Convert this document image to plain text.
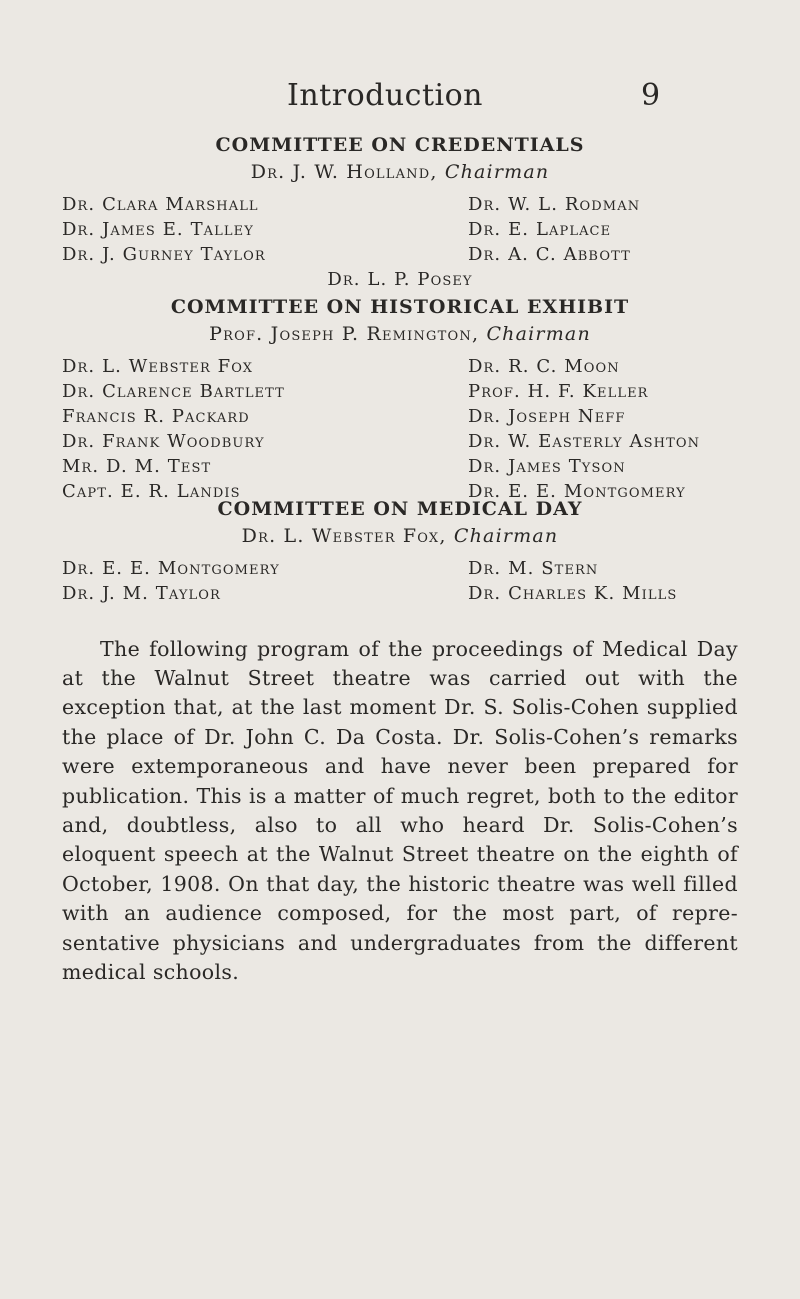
Introduction	9
COMMITTEE ON CREDENTIALS
Dr. J. W. Holland, Chairman
Dr. Clara Marshall	Dr. W. L. Rodman
Dr. James E. Talley	Dr. E. Laplace
Dr. J. Gurney Taylor	Dr. A. C. Abbott
Dr. L. P. Posey
COMMITTEE ON HISTORICAL EXHIBIT
Prof. Joseph P. Remington, Chairman
Dr. L. Webster Fox	Dr. R. C. Moon
Dr. Clarence Bartlett	Prof. H. F. Keller
Francis R. Packard	Dr. Joseph Neff
Dr. Frank Woodbury	Dr. W. Easterly Ashton
Mr. D. M. Test	Dr. James Tyson
Capt. E. R. Landis	Dr. E. E. Montgomery
COMMITTEE ON MEDICAL DAY
Dr. L. Webster Fox, Chairman
Dr. E. E. Montgomery	Dr. M. Stern
Dr. J. M. Taylor	Dr. Charles K. Mills

The following program of the proceedings of Medical Day at the Walnut Street theatre was carried out with the exception that, at the last moment Dr. S. Solis-Cohen supplied the place of Dr. John C. Da Costa. Dr. Solis-Cohen’s remarks were extemporaneous and have never been prepared for publication. This is a matter of much regret, both to the editor and, doubtless, also to all who heard Dr. Solis-Cohen’s eloquent speech at the Walnut Street theatre on the eighth of October, 1908. On that day, the historic theatre was well filled with an audience composed, for the most part, of repre-sentative physicians and undergraduates from the different medical schools.
